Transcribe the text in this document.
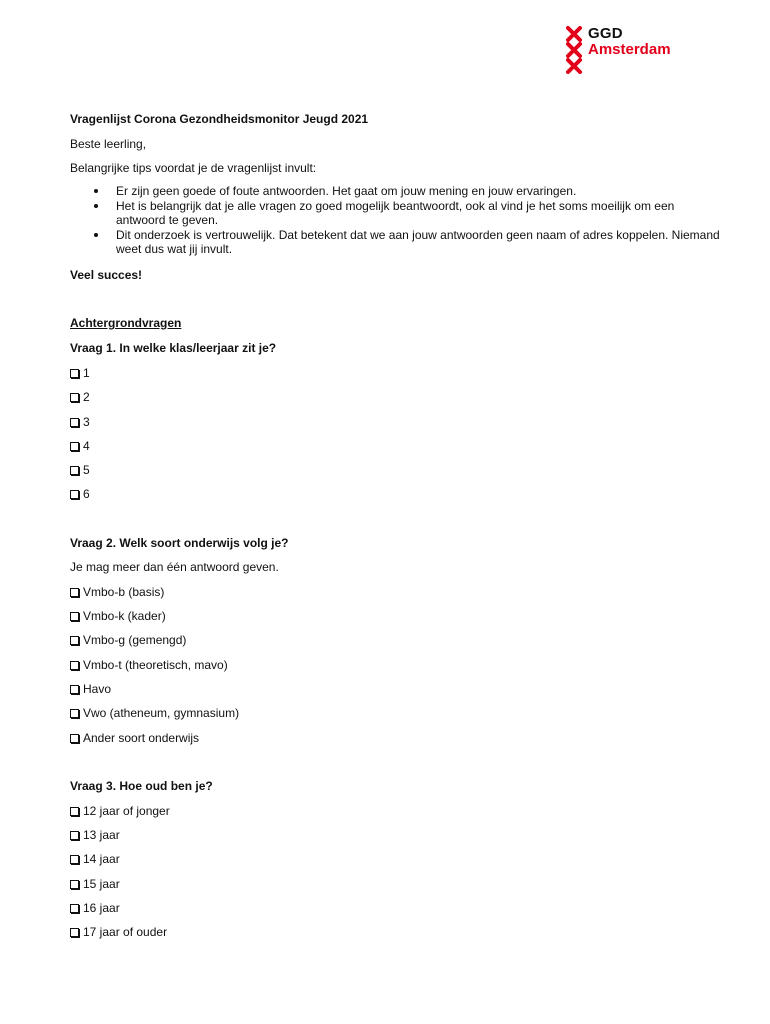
GGD
Amsterdam
Vragenlijst Corona Gezondheidsmonitor Jeugd 2021
Beste leerling,
Belangrijke tips voordat je de vragenlijst invult:
Er zijn geen goede of foute antwoorden. Het gaat om jouw mening en jouw ervaringen.
Het is belangrijk dat je alle vragen zo goed mogelijk beantwoordt, ook al vind je het soms moeilijk om een antwoord te geven.
Dit onderzoek is vertrouwelijk. Dat betekent dat we aan jouw antwoorden geen naam of adres koppelen. Niemand weet dus wat jij invult.
Veel succes!
Achtergrondvragen
Vraag 1. In welke klas/leerjaar zit je?
1
2
3
4
5
6
Vraag 2. Welk soort onderwijs volg je?
Je mag meer dan één antwoord geven.
Vmbo-b (basis)
Vmbo-k (kader)
Vmbo-g (gemengd)
Vmbo-t (theoretisch, mavo)
Havo
Vwo (atheneum, gymnasium)
Ander soort onderwijs
Vraag 3. Hoe oud ben je?
12 jaar of jonger
13 jaar
14 jaar
15 jaar
16 jaar
17 jaar of ouder
